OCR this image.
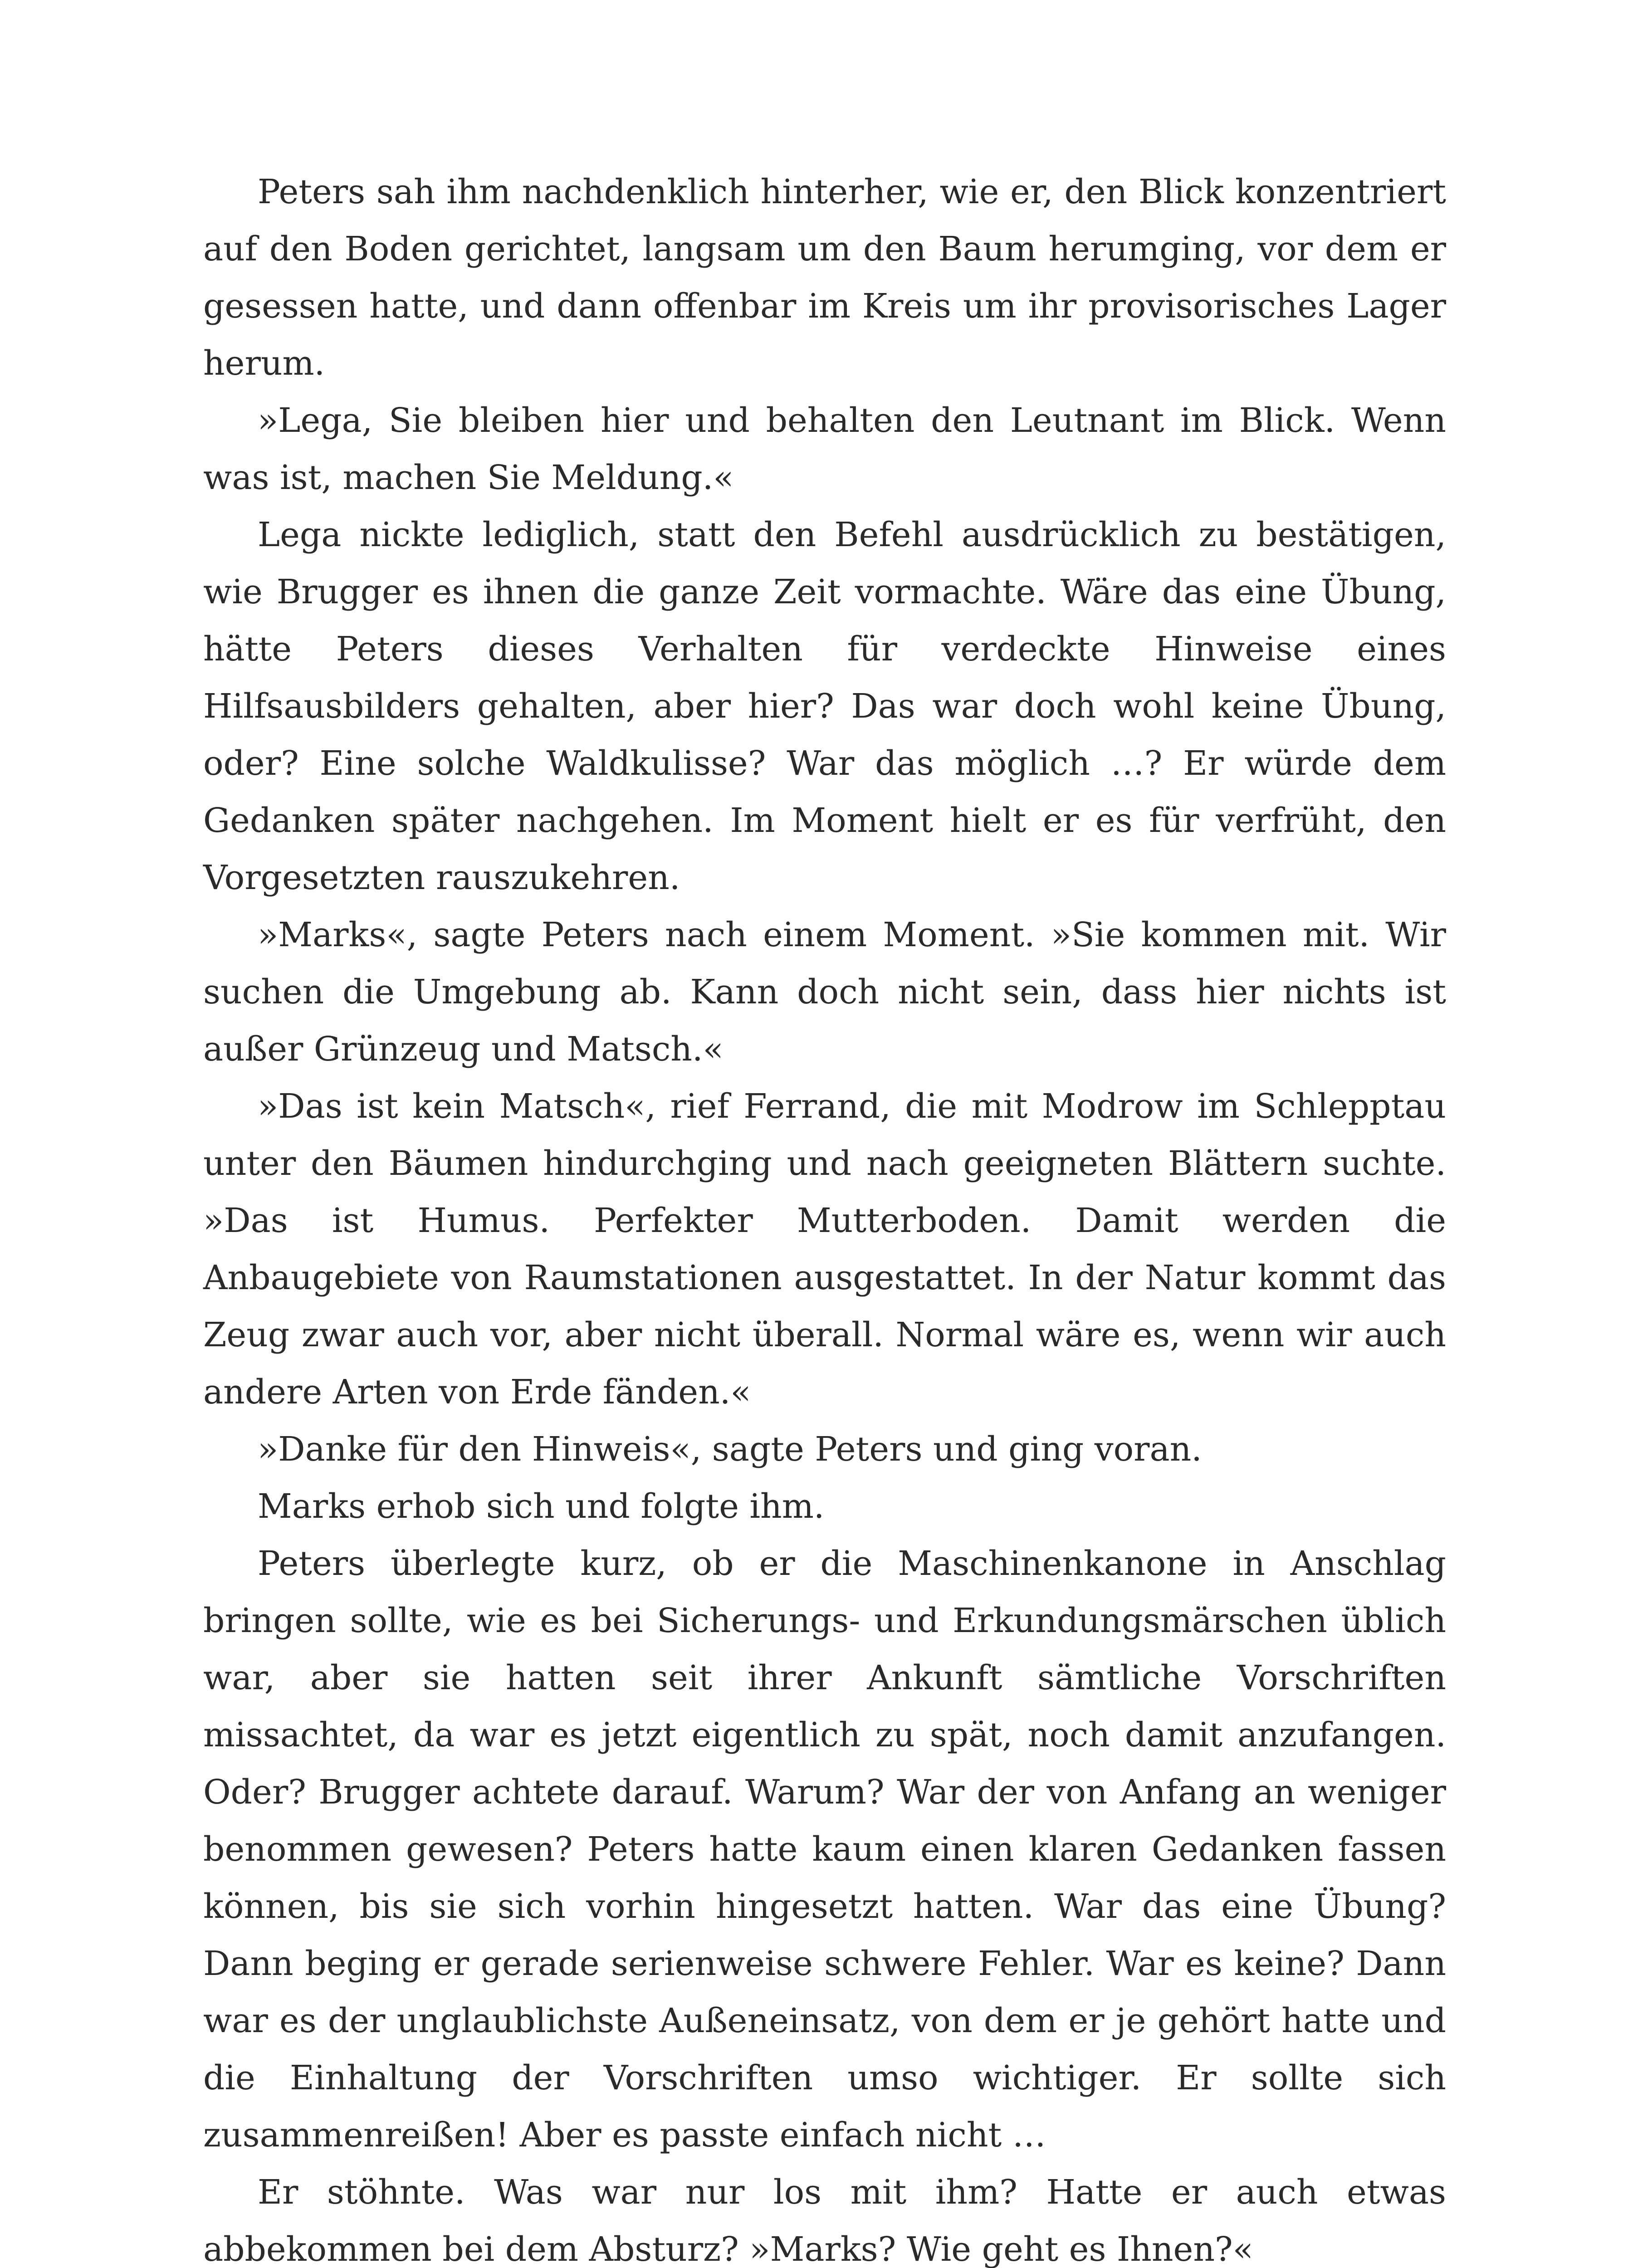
Peters sah ihm nachdenklich hinterher, wie er, den Blick konzentriert auf den Boden gerichtet, langsam um den Baum herumging, vor dem er gesessen hatte, und dann offenbar im Kreis um ihr provisorisches Lager herum.

»Lega, Sie bleiben hier und behalten den Leutnant im Blick. Wenn was ist, machen Sie Meldung.«

Lega nickte lediglich, statt den Befehl ausdrücklich zu bestätigen, wie Brugger es ihnen die ganze Zeit vormachte. Wäre das eine Übung, hätte Peters dieses Verhalten für verdeckte Hinweise eines Hilfsausbilders gehalten, aber hier? Das war doch wohl keine Übung, oder? Eine solche Waldkulisse? War das möglich …? Er würde dem Gedanken später nachgehen. Im Moment hielt er es für verfrüht, den Vorgesetzten rauszukehren.

»Marks«, sagte Peters nach einem Moment. »Sie kommen mit. Wir suchen die Umgebung ab. Kann doch nicht sein, dass hier nichts ist außer Grünzeug und Matsch.«

»Das ist kein Matsch«, rief Ferrand, die mit Modrow im Schlepptau unter den Bäumen hindurchging und nach geeigneten Blättern suchte. »Das ist Humus. Perfekter Mutterboden. Damit werden die Anbaugebiete von Raumstationen ausgestattet. In der Natur kommt das Zeug zwar auch vor, aber nicht überall. Normal wäre es, wenn wir auch andere Arten von Erde fänden.«

»Danke für den Hinweis«, sagte Peters und ging voran.

Marks erhob sich und folgte ihm.

Peters überlegte kurz, ob er die Maschinenkanone in Anschlag bringen sollte, wie es bei Sicherungs- und Erkundungsmärschen üblich war, aber sie hatten seit ihrer Ankunft sämtliche Vorschriften missachtet, da war es jetzt eigentlich zu spät, noch damit anzufangen. Oder? Brugger achtete darauf. Warum? War der von Anfang an weniger benommen gewesen? Peters hatte kaum einen klaren Gedanken fassen können, bis sie sich vorhin hingesetzt hatten. War das eine Übung? Dann beging er gerade serienweise schwere Fehler. War es keine? Dann war es der unglaublichste Außeneinsatz, von dem er je gehört hatte und die Einhaltung der Vorschriften umso wichtiger. Er sollte sich zusammenreißen! Aber es passte einfach nicht …

Er stöhnte. Was war nur los mit ihm? Hatte er auch etwas abbekommen bei dem Absturz? »Marks? Wie geht es Ihnen?«
